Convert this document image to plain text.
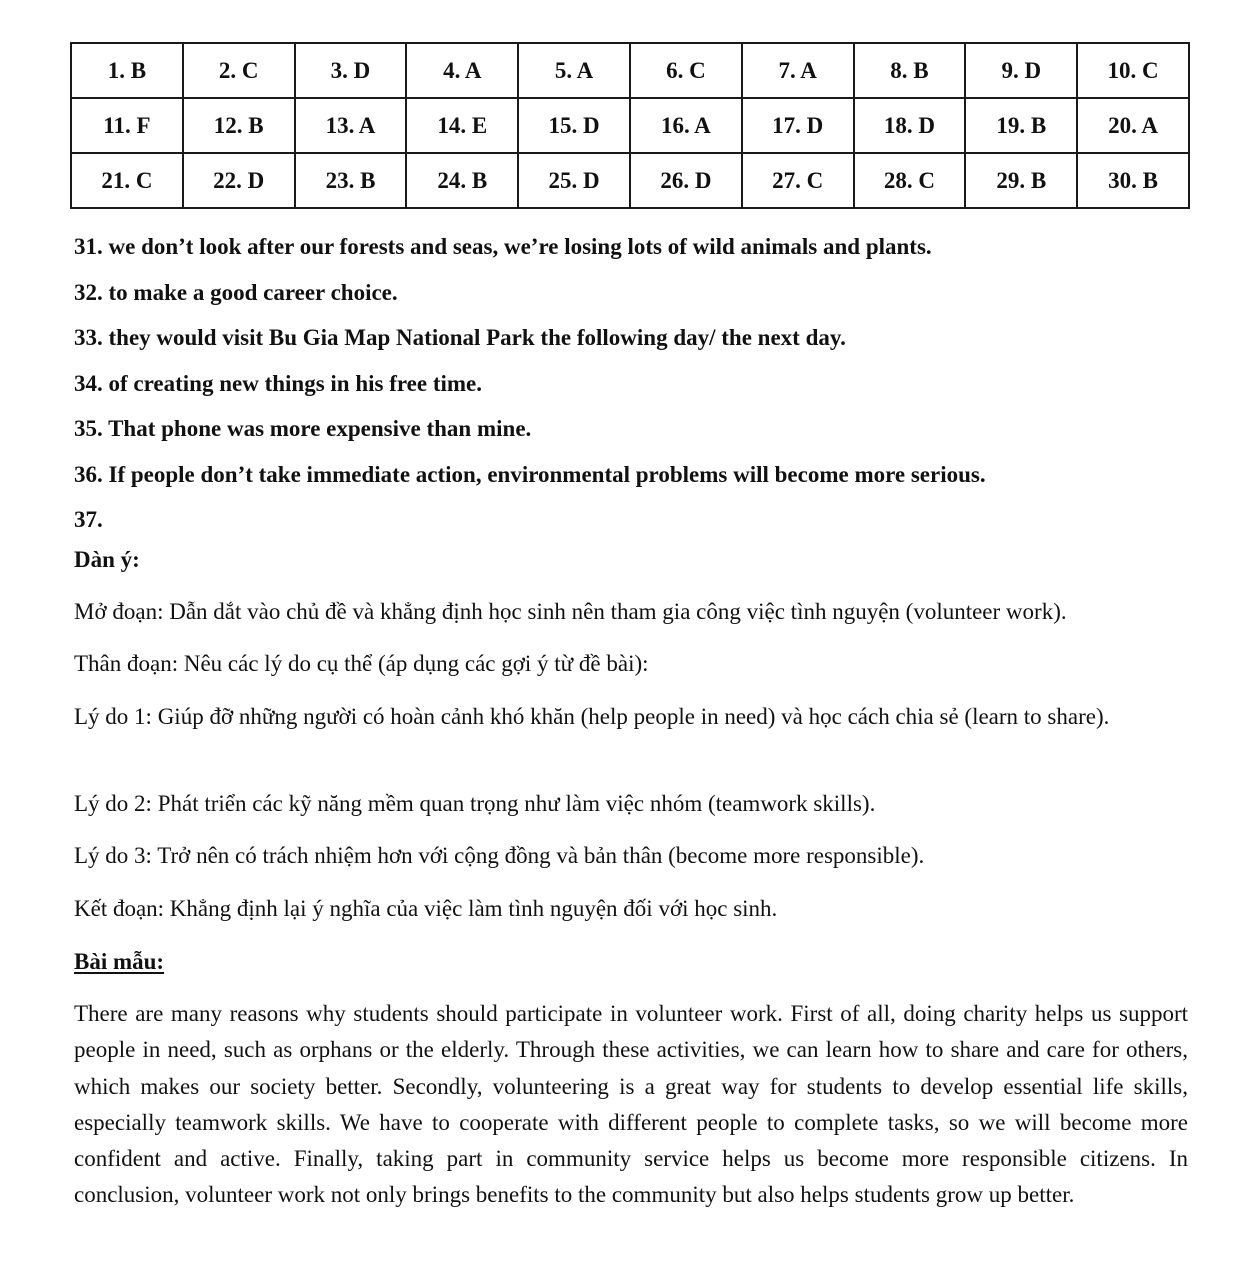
1. B	2. C	3. D	4. A	5. A	6. C	7. A	8. B	9. D	10. C
11. F	12. B	13. A	14. E	15. D	16. A	17. D	18. D	19. B	20. A
21. C	22. D	23. B	24. B	25. D	26. D	27. C	28. C	29. B	30. B
31. we don’t look after our forests and seas, we’re losing lots of wild animals and plants.
32. to make a good career choice.
33. they would visit Bu Gia Map National Park the following day/ the next day.
34. of creating new things in his free time.
35. That phone was more expensive than mine.
36. If people don’t take immediate action, environmental problems will become more serious.
37.
Dàn ý:
Mở đoạn: Dẫn dắt vào chủ đề và khẳng định học sinh nên tham gia công việc tình nguyện (volunteer work).
Thân đoạn: Nêu các lý do cụ thể (áp dụng các gợi ý từ đề bài):
Lý do 1: Giúp đỡ những người có hoàn cảnh khó khăn (help people in need) và học cách chia sẻ (learn to share).
Lý do 2: Phát triển các kỹ năng mềm quan trọng như làm việc nhóm (teamwork skills).
Lý do 3: Trở nên có trách nhiệm hơn với cộng đồng và bản thân (become more responsible).
Kết đoạn: Khẳng định lại ý nghĩa của việc làm tình nguyện đối với học sinh.
Bài mẫu:
There are many reasons why students should participate in volunteer work. First of all, doing charity helps us support people in need, such as orphans or the elderly. Through these activities, we can learn how to share and care for others, which makes our society better. Secondly, volunteering is a great way for students to develop essential life skills, especially teamwork skills. We have to cooperate with different people to complete tasks, so we will become more confident and active. Finally, taking part in community service helps us become more responsible citizens. In conclusion, volunteer work not only brings benefits to the community but also helps students grow up better.
